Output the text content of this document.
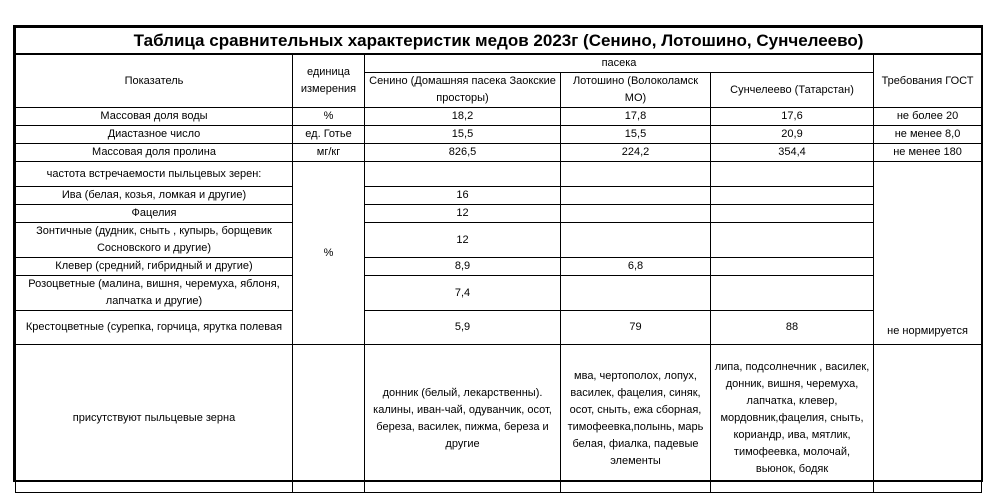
Таблица сравнительных характеристик медов 2023г (Сенино, Лотошино, Сунчелеево)					
Показатель	единица измерения	пасека			Требования ГОСТ
		Сенино (Домашняя пасека Заокские просторы)	Лотошино (Волоколамск МО)	Сунчелеево (Татарстан)	
Массовая доля воды	%	18,2	17,8	17,6	не более 20
Диастазное число	ед. Готье	15,5	15,5	20,9	не менее 8,0
Массовая доля пролина	мг/кг	826,5	224,2	354,4	не менее 180
частота встречаемости пыльцевых зерен:	%				не нормируется
Ива (белая, козья, ломкая и другие)		16			
Фацелия		12			
Зонтичные (дудник, сныть , купырь, борщевик Сосновского и другие)		12			
Клевер (средний, гибридный и другие)		8,9	6,8		
Розоцветные (малина, вишня, черемуха, яблоня, лапчатка и другие)		7,4			
Крестоцветные (сурепка, горчица, ярутка полевая		5,9	79	88	
присутствуют пыльцевые зерна		донник (белый, лекарственны). калины, иван-чай, одуванчик, осот, береза, василек, пижма, береза и другие	мва, чертополох, лопух, василек, фацелия, синяк, осот, сныть, ежа сборная, тимофеевка,полынь, марь белая, фиалка, падевые элементы	липа, подсолнечник , василек, донник, вишня, черемуха, лапчатка, клевер, мордовник,фацелия, сныть, кориандр, ива, мятлик, тимофеевка, молочай, вьюнок, бодяк	
